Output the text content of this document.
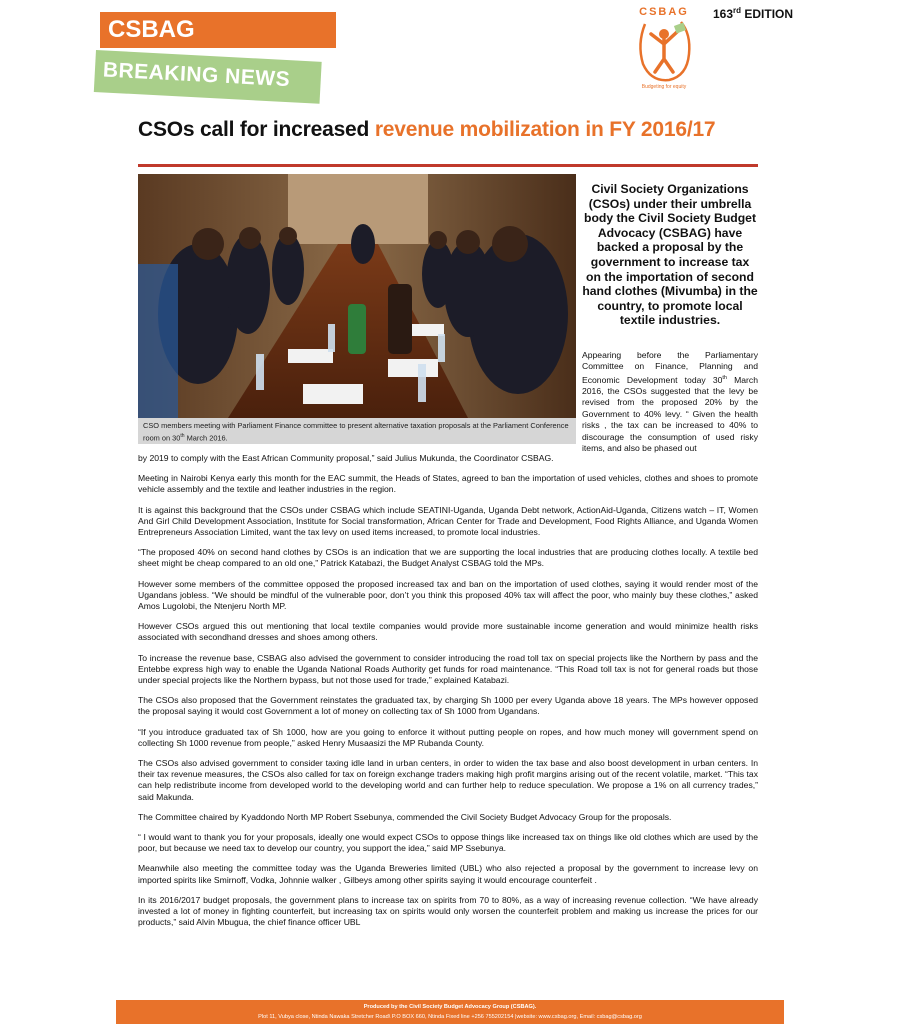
CSBAG
BREAKING NEWS
CSBAG
Budgeting for equity
163rd EDITION
CSOs call for increased revenue mobilization in FY 2016/17
CSO members meeting with Parliament Finance committee to present alternative taxation proposals at the Parliament Conference room on 30th March 2016.
Civil Society Organizations (CSOs) under their umbrella body the Civil Society Budget Advocacy (CSBAG) have backed a proposal by the government to increase tax on the importation of second hand clothes (Mivumba) in the country, to promote local textile industries.

Appearing before the Parliamentary Committee on Finance, Planning and Economic Development today 30th March 2016, the CSOs suggested that the levy be revised from the proposed 20% by the Government to 40% levy. “ Given the health risks , the tax can be increased to 40% to discourage the consumption of used risky items, and also be phased out

by 2019 to comply with the East African Community proposal,” said Julius Mukunda, the Coordinator CSBAG.

Meeting in Nairobi Kenya early this month for the EAC summit, the Heads of States, agreed to ban the importation of used vehicles, clothes and shoes to promote vehicle assembly and the textile and leather industries in the region.

It is against this background that the CSOs under CSBAG which include SEATINI-Uganda, Uganda Debt network, ActionAid-Uganda, Citizens watch – IT, Women And Girl Child Development Association, Institute for Social transformation, African Center for Trade and Development, Food Rights Alliance, and Uganda Women Entrepreneurs Association Limited, want the tax levy on used items increased, to promote local industries.

“The proposed 40% on second hand clothes by CSOs is an indication that we are supporting the local industries that are producing clothes locally. A textile bed sheet might be cheap compared to an old one,” Patrick Katabazi, the Budget Analyst CSBAG told the MPs.

However some members of the committee opposed the proposed increased tax and ban on the importation of used clothes, saying it would render most of the Ugandans jobless. “We should be mindful of the vulnerable poor, don’t you think this proposed 40% tax will affect the poor, who mainly buy these clothes,” asked Amos Lugolobi, the Ntenjeru North MP.

However CSOs argued this out mentioning that local textile companies would provide more sustainable income generation and would minimize health risks associated with secondhand dresses and shoes among others.

To increase the revenue base, CSBAG also advised the government to consider introducing the road toll tax on special projects like the Northern by pass and the Entebbe express high way to enable the Uganda National Roads Authority get funds for road maintenance. “This Road toll tax is not for general roads but those under special projects like the Northern bypass, but not those used for trade,” explained Katabazi.

The CSOs also proposed that the Government reinstates the graduated tax, by charging Sh 1000 per every Uganda above 18 years. The MPs however opposed the proposal saying it would cost Government a lot of money on collecting tax of Sh 1000 from Ugandans.

“If you introduce graduated tax of Sh 1000, how are you going to enforce it without putting people on ropes, and how much money will government spend on collecting Sh 1000 revenue from people,” asked Henry Musaasizi the MP Rubanda County.

The CSOs also advised government to consider taxing idle land in urban centers, in order to widen the tax base and also boost development in urban centers. In their tax revenue measures, the CSOs also called for tax on foreign exchange traders making high profit margins arising out of the recent volatile, market. “This tax can help redistribute income from developed world to the developing world and can further help to reduce speculation. We propose a 1% on all currency trades,” said Makunda.

The Committee chaired by Kyaddondo North MP Robert Ssebunya, commended the Civil Society Budget Advocacy Group for the proposals.

“ I would want to thank you for your proposals, ideally one would expect CSOs to oppose things like increased tax on things like old clothes which are used by the poor, but because we need tax to develop our country, you support the idea,” said MP Ssebunya.

Meanwhile also meeting the committee today was the Uganda Breweries limited (UBL) who also rejected a proposal by the government to increase levy on imported spirits like Smirnoff, Vodka, Johnnie walker , Gilbeys among other spirits saying it would encourage counterfeit .

In its 2016/2017 budget proposals, the government plans to increase tax on spirits from 70 to 80%, as a way of increasing revenue collection. “We have already invested a lot of money in fighting counterfeit, but increasing tax on spirits would only worsen the counterfeit problem and making us increase the prices for our products,” said Alvin Mbugua, the chief finance officer UBL

Produced by the Civil Society Budget Advocacy Group (CSBAG).
Plot 11, Vubya close, Ntinda Nawaka Stretcher Road\ P.O BOX 660, Ntinda Fixed line +256 755202154 |website: www.csbag.org, Email: csbag@csbag.org
